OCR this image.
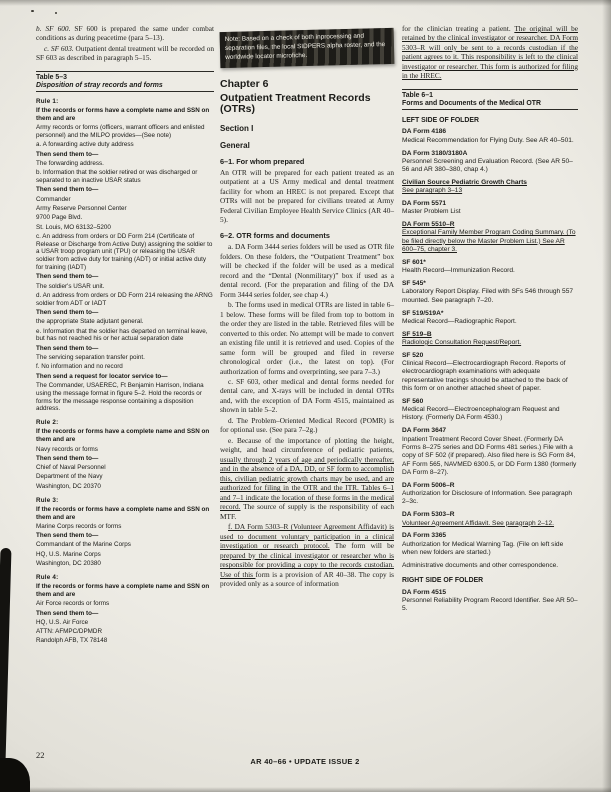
b. SF 600. SF 600 is prepared the same under combat conditions as during peacetime (para 5–13).

c. SF 603. Outpatient dental treatment will be recorded on SF 603 as described in paragraph 5–15.

Table 5–3
Disposition of stray records and forms
Rule 1:
If the records or forms have a complete name and SSN on them and are
Army records or forms (officers, warrant officers and enlisted personnel) and the MILPO provides—(See note)
a. A forwarding active duty address
Then send them to—
The forwarding address.
b. Information that the soldier retired or was discharged or separated to an inactive USAR status
Then send them to—
Commander
Army Reserve Personnel Center
9700 Page Blvd.
St. Louis, MO 63132–5200
c. An address from orders or DD Form 214 (Certificate of Release or Discharge from Active Duty) assigning the soldier to a USAR troop program unit (TPU) or releasing the USAR soldier from active duty for training (ADT) or initial active duty for training (IADT)
Then send them to—
The soldier's USAR unit.
d. An address from orders or DD Form 214 releasing the ARNG soldier from ADT or IADT
Then send them to—
the appropriate State adjutant general.
e. Information that the soldier has departed on terminal leave, but has not reached his or her actual separation date
Then send them to—
The servicing separation transfer point.
f. No information and no record
Then send a request for locator service to—
The Commander, USAEREC, Ft Benjamin Harrison, Indiana using the message format in figure 5–2. Hold the records or forms for the message response containing a disposition address.
Rule 2:
If the records or forms have a complete name and SSN on them and are
Navy records or forms
Then send them to—
Chief of Naval Personnel
Department of the Navy
Washington, DC 20370
Rule 3:
If the records or forms have a complete name and SSN on them and are
Marine Corps records or forms
Then send them to—
Commandant of the Marine Corps
HQ, U.S. Marine Corps
Washington, DC 20380
Rule 4:
If the records or forms have a complete name and SSN on them and are
Air Force records or forms
Then send them to—
HQ, U.S. Air Force
ATTN: AFMPC/DPMDR
Randolph AFB, TX 78148
Note: Based on a check of both inprocessing and separation files, the local SIDPERS alpha roster, and the worldwide locator microfiche.
Chapter 6
Outpatient Treatment Records (OTRs)
Section I
General
6–1. For whom prepared

An OTR will be prepared for each patient treated as an outpatient at a US Army medical and dental treatment facility for whom an HREC is not prepared. Except that OTRs will not be prepared for civilians treated at Army Federal Civilian Employee Health Service Clinics (AR 40–5).

6–2. OTR forms and documents

a. DA Form 3444 series folders will be used as OTR file folders. On these folders, the “Outpatient Treatment” box will be checked if the folder will be used as a medical record and the “Dental (Nonmilitary)” box if used as a dental record. (For the preparation and filing of the DA Form 3444 series folder, see chap 4.)

b. The forms used in medical OTRs are listed in table 6–1 below. These forms will be filed from top to bottom in the order they are listed in the table. Retrieved files will be converted to this order. No attempt will be made to convert an existing file until it is retrieved and used. Copies of the same form will be grouped and filed in reverse chronological order (i.e., the latest on top). (For authorization of forms and overprinting, see para 7–3.)

c. SF 603, other medical and dental forms needed for dental care, and X-rays will be included in dental OTRs and, with the exception of DA Form 4515, maintained as shown in table 5–2.

d. The Problem–Oriented Medical Record (POMR) is for optional use. (See para 7–2g.)

e. Because of the importance of plotting the height, weight, and head circumference of pediatric patients, usually through 2 years of age and periodically thereafter, and in the absence of a DA, DD, or SF form to accomplish this, civilian pediatric growth charts may be used, and are authorized for filing in the OTR and the ITR. Tables 6–1 and 7–1 indicate the location of these forms in the medical record. The source of supply is the responsibility of each MTF.

f. DA Form 5303–R (Volunteer Agreement Affidavit) is used to document voluntary participation in a clinical investigation or research protocol. The form will be prepared by the clinical investigator or researcher who is responsible for providing a copy to the records custodian. Use of this form is a provision of AR 40–38. The copy is provided only as a source of information

for the clinician treating a patient. The original will be retained by the clinical investigator or researcher. DA Form 5303–R will only be sent to a records custodian if the patient agrees to it. This responsibility is left to the clinical investigator or researcher. This form is authorized for filing in the HREC.

Table 6–1
Forms and Documents of the Medical OTR
LEFT SIDE OF FOLDER
DA Form 4186
Medical Recommendation for Flying Duty. See AR 40–501.
DA Form 3180/3180A
Personnel Screening and Evaluation Record. (See AR 50–56 and AR 380–380, chap 4.)
Civilian Source Pediatric Growth Charts
See paragraph 3–13
DA Form 5571
Master Problem List
DA Form 5510–R
Exceptional Family Member Program Coding Summary. (To be filed directly below the Master Problem List.) See AR 600–75, chapter 3.
SF 601*
Health Record—Immunization Record.
SF 545*
Laboratory Report Display. Filed with SFs 546 through 557 mounted. See paragraph 7–20.
SF 519/519A*
Medical Record—Radiographic Report.
SF 519–B
Radiologic Consultation Request/Report.
SF 520
Clinical Record—Electrocardiograph Record. Reports of electrocardiograph examinations with adequate representative tracings should be attached to the back of this form or on another attached sheet of paper.
SF 560
Medical Record—Electroencephalogram Request and History. (Formerly DA Form 4530.)
DA Form 3647
Inpatient Treatment Record Cover Sheet. (Formerly DA Forms 8–275 series and DD Forms 481 series.) File with a copy of SF 502 (if prepared). Also filed here is SG Form 84, AF Form 565, NAVMED 6300.5, or DD Form 1380 (formerly DA Form 8–27).
DA Form 5006–R
Authorization for Disclosure of Information. See paragraph 2–3c.
DA Form 5303–R
Volunteer Agreement Affidavit. See paragraph 2–12.
DA Form 3365
Authorization for Medical Warning Tag. (File on left side when new folders are started.)
Administrative documents and other correspondence.
RIGHT SIDE OF FOLDER
DA Form 4515
Personnel Reliability Program Record Identifier. See AR 50–5.
AR 40–66 • UPDATE ISSUE 2
22
